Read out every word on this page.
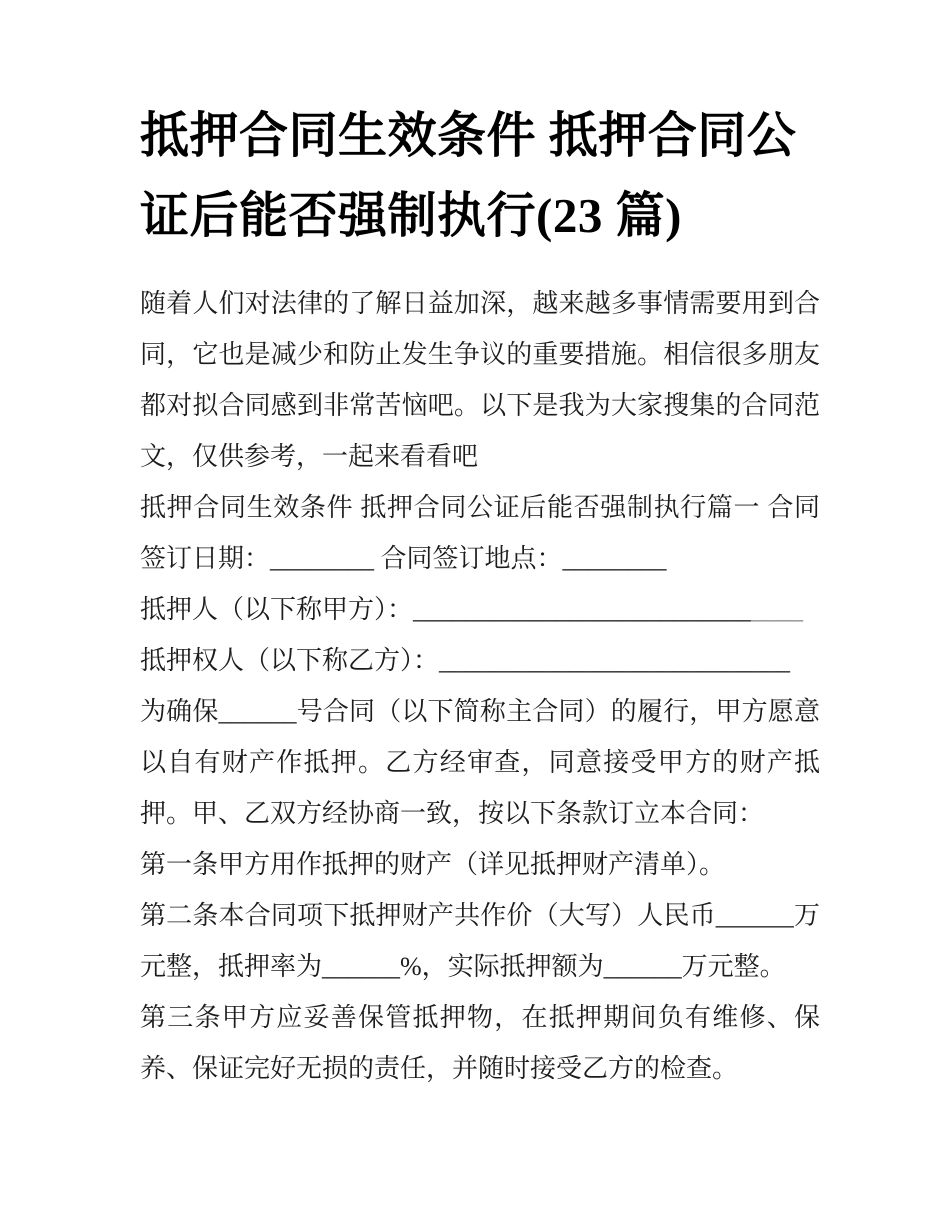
抵押合同生效条件 抵押合同公证后能否强制执行(23 篇)

随着人们对法律的了解日益加深，越来越多事情需要用到合同，它也是减少和防止发生争议的重要措施。相信很多朋友都对拟合同感到非常苦恼吧。以下是我为大家搜集的合同范文，仅供参考，一起来看看吧

抵押合同生效条件 抵押合同公证后能否强制执行篇一 合同签订日期：________ 合同签订地点：________

抵押人（以下称甲方）：______________________________

抵押权人（以下称乙方）：___________________________

为确保______号合同（以下简称主合同）的履行，甲方愿意以自有财产作抵押。乙方经审查，同意接受甲方的财产抵押。甲、乙双方经协商一致，按以下条款订立本合同：

第一条甲方用作抵押的财产（详见抵押财产清单）。

第二条本合同项下抵押财产共作价（大写）人民币______万元整，抵押率为______%，实际抵押额为______万元整。

第三条甲方应妥善保管抵押物，在抵押期间负有维修、保养、保证完好无损的责任，并随时接受乙方的检查。
